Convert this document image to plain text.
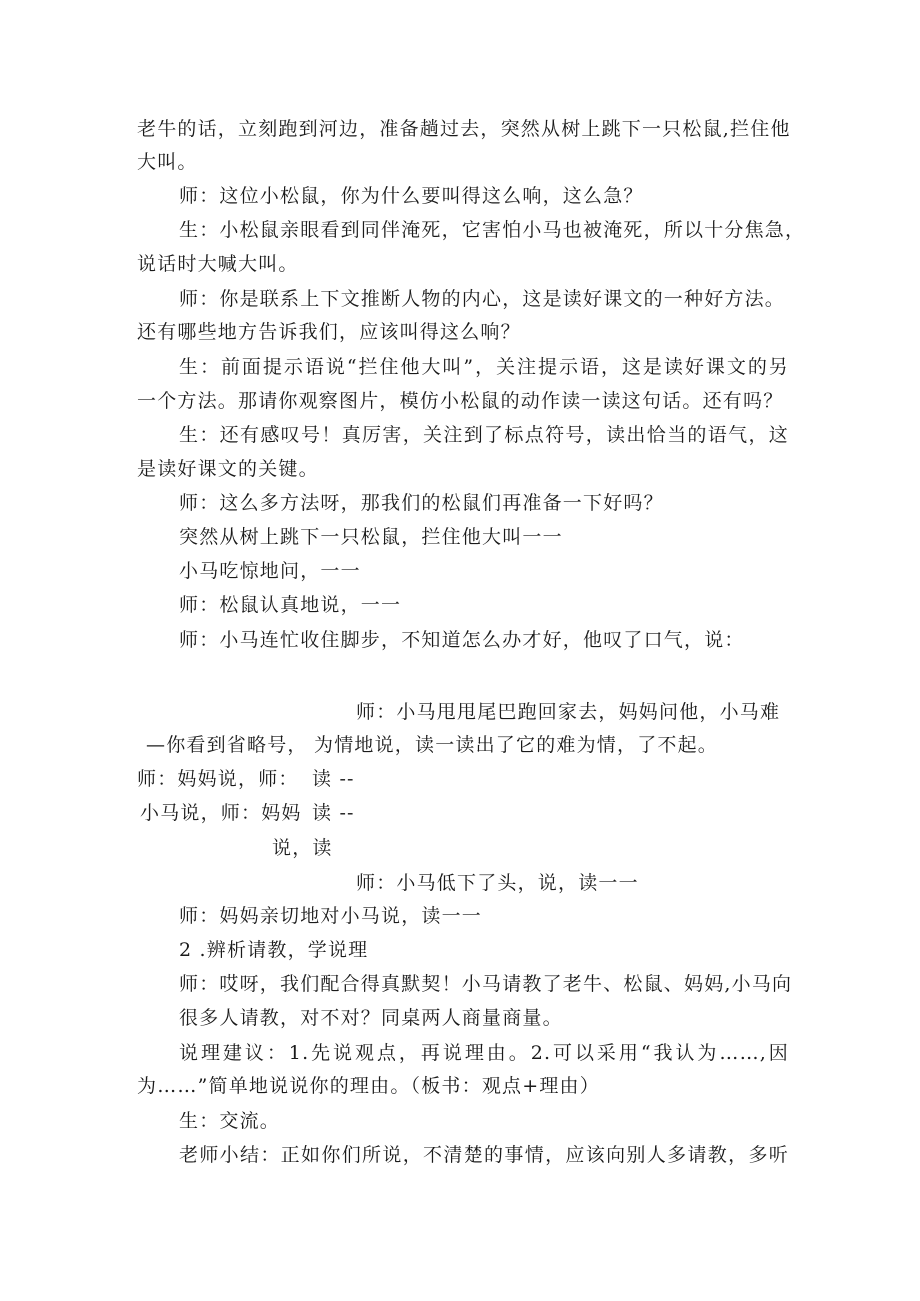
老牛的话，立刻跑到河边，准备趟过去，突然从树上跳下一只松鼠,拦住他
大叫。
师：这位小松鼠，你为什么要叫得这么响，这么急？
生：小松鼠亲眼看到同伴淹死，它害怕小马也被淹死，所以十分焦急，
说话时大喊大叫。
师：你是联系上下文推断人物的内心，这是读好课文的一种好方法。
还有哪些地方告诉我们，应该叫得这么响？
生：前面提示语说“拦住他大叫”，关注提示语，这是读好课文的另
一个方法。那请你观察图片，模仿小松鼠的动作读一读这句话。还有吗？
生：还有感叹号！真厉害，关注到了标点符号，读出恰当的语气，这
是读好课文的关键。
师：这么多方法呀，那我们的松鼠们再准备一下好吗？
突然从树上跳下一只松鼠，拦住他大叫一一
小马吃惊地问，一一
师：松鼠认真地说，一一
师：小马连忙收住脚步，不知道怎么办才好，他叹了口气，说：
师：小马甩甩尾巴跑回家去，妈妈问他，小马难
—你看到省略号， 为情地说，读一读出了它的难为情，了不起。
师：妈妈说，师： 读 --
小马说，师：妈妈 读 --
说，读
师：小马低下了头，说，读一一
师：妈妈亲切地对小马说，读一一
2 .辨析请教，学说理
师：哎呀，我们配合得真默契！小马请教了老牛、松鼠、妈妈,小马向
很多人请教，对不对？同桌两人商量商量。
说理建议：1.先说观点，再说理由。2.可以采用“我认为……,因
为……”简单地说说你的理由。（板书：观点+理由）
生：交流。
老师小结：正如你们所说，不清楚的事情，应该向别人多请教，多听
